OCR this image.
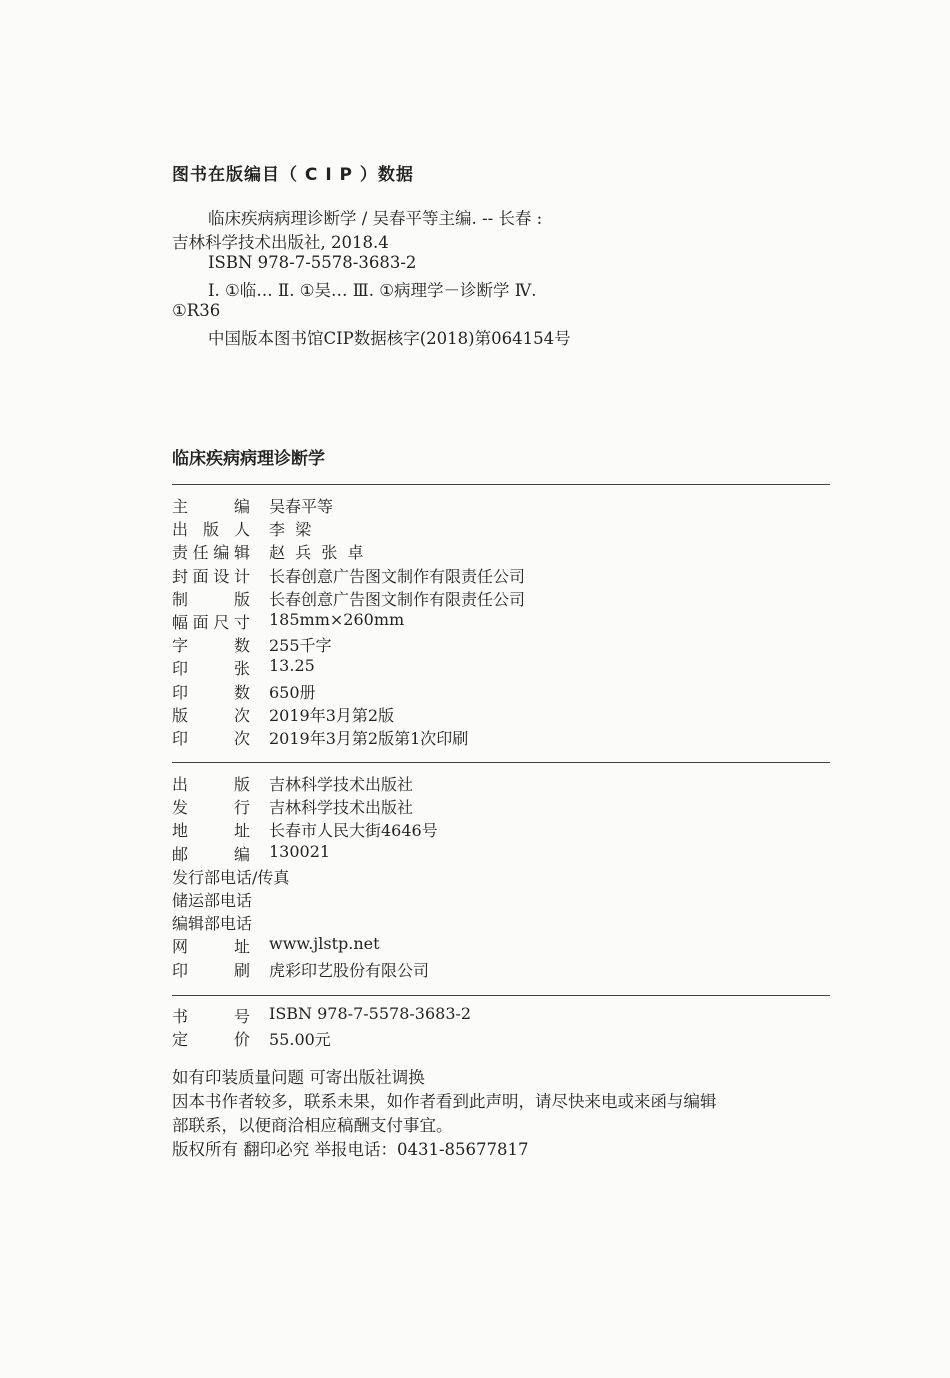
图书在版编目（ C I P ）数据
临床疾病病理诊断学 / 吴春平等主编. -- 长春 :
吉林科学技术出版社, 2018.4
ISBN 978-7-5578-3683-2
Ⅰ. ①临… Ⅱ. ①吴… Ⅲ. ①病理学－诊断学 Ⅳ.
①R36
中国版本图书馆CIP数据核字(2018)第064154号
临床疾病病理诊断学
主	编 吴春平等
出 版 人 李  梁
责 任 编 辑 赵  兵  张  卓
封 面 设 计 长春创意广告图文制作有限责任公司
制	版 长春创意广告图文制作有限责任公司
幅 面 尺 寸 185mm×260mm
字	数 255千字
印	张 13.25
印	数 650册
版	次 2019年3月第2版
印	次 2019年3月第2版第1次印刷
出	版 吉林科学技术出版社
发	行 吉林科学技术出版社
地	址 长春市人民大街4646号
邮	编 130021
发行部电话/传真
储运部电话
编辑部电话
网	址 www.jlstp.net
印	刷 虎彩印艺股份有限公司
书	号 ISBN 978-7-5578-3683-2
定	价 55.00元
如有印装质量问题 可寄出版社调换
因本书作者较多，联系未果，如作者看到此声明，请尽快来电或来函与编辑
部联系，以便商洽相应稿酬支付事宜。
版权所有 翻印必究 举报电话：0431-85677817
